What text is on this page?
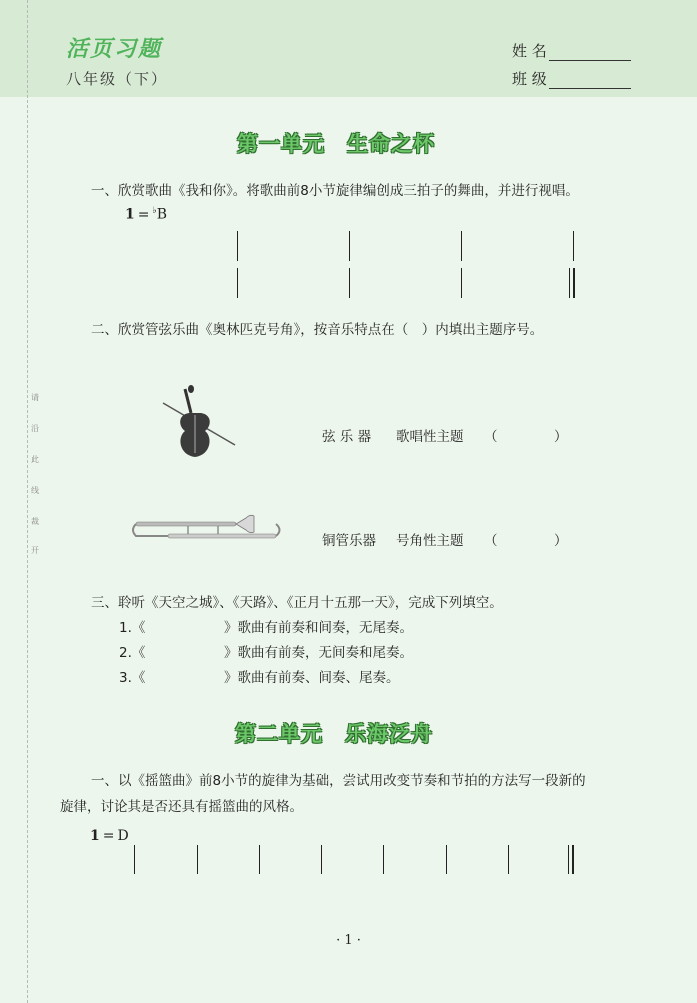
活页习题
八年级（下）
姓 名
班 级
请
沿
此
线
裁
开
第一单元　生命之杯
一、欣赏歌曲《我和你》。将歌曲前8小节旋律编创成三拍子的舞曲，并进行视唱。
1 = ♭B
二、欣赏管弦乐曲《奥林匹克号角》，按音乐特点在（　）内填出主题序号。
弦 乐 器 歌唱性主题 （	）
铜管乐器 号角性主题 （	）
三、聆听《天空之城》、《天路》、《正月十五那一天》，完成下列填空。
1.《	》歌曲有前奏和间奏，无尾奏。
2.《	》歌曲有前奏，无间奏和尾奏。
3.《	》歌曲有前奏、间奏、尾奏。
第二单元　乐海泛舟
一、以《摇篮曲》前8小节的旋律为基础，尝试用改变节奏和节拍的方法写一段新的
旋律，讨论其是否还具有摇篮曲的风格。
1 = D
· 1 ·
